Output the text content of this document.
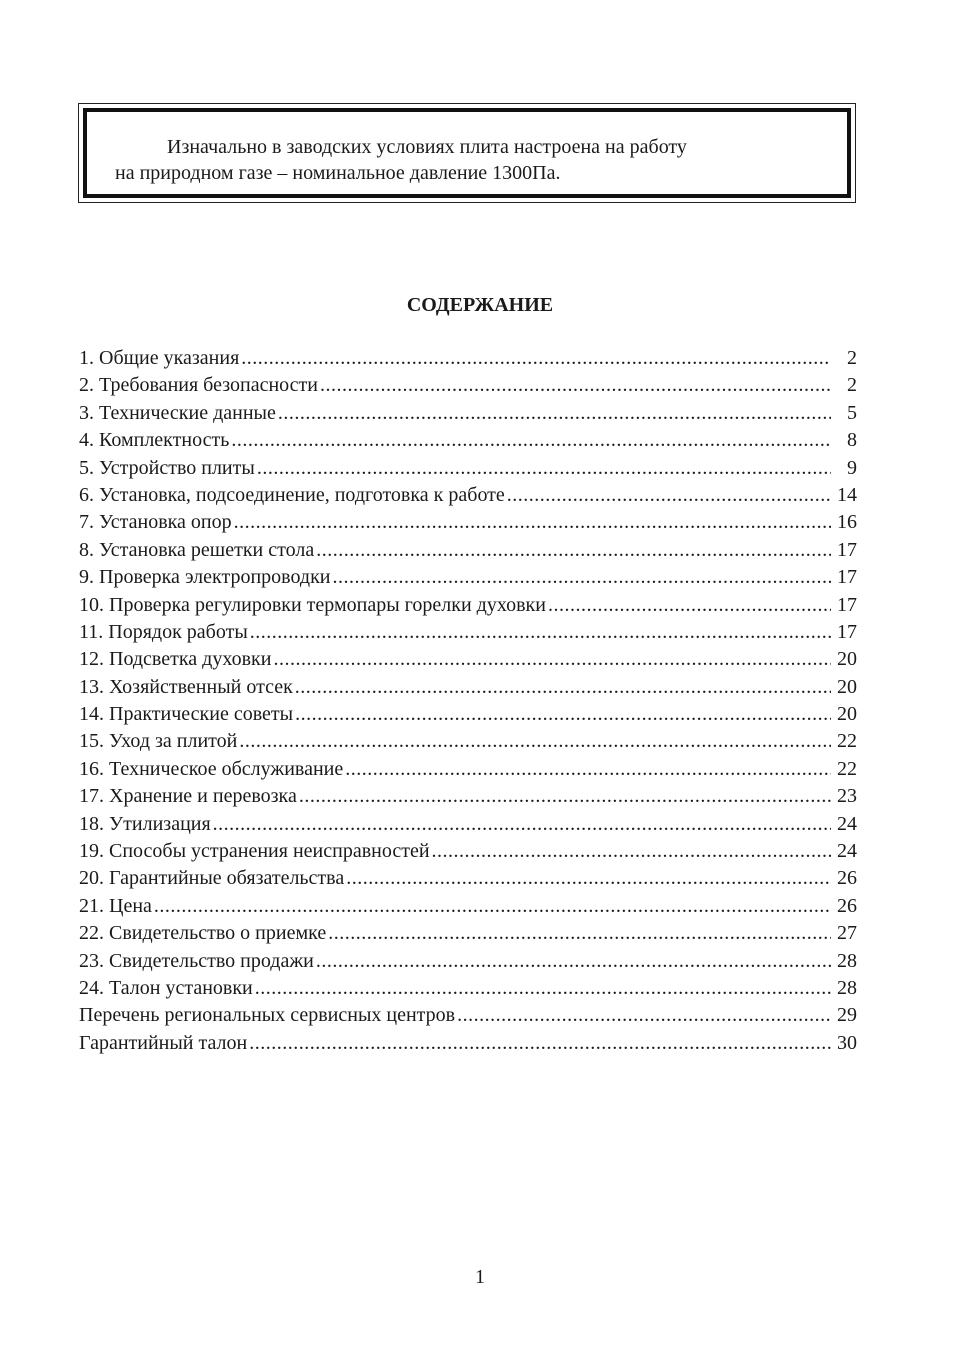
Изначально в заводских условиях плита настроена на работу
на природном газе – номинальное давление 1300Па.
СОДЕРЖАНИЕ
1. Общие указания .....	2
2. Требования безопасности .....	2
3. Технические данные .....	5
4. Комплектность .....	8
5. Устройство плиты .....	9
6. Установка, подсоединение, подготовка к работе .....	14
7. Установка опор .....	16
8. Установка решетки стола .....	17
9. Проверка электропроводки .....	17
10. Проверка регулировки термопары горелки духовки .....	17
11. Порядок работы .....	17
12. Подсветка духовки .....	20
13. Хозяйственный отсек .....	20
14. Практические советы .....	20
15. Уход за плитой .....	22
16. Техническое обслуживание .....	22
17. Хранение и перевозка .....	23
18. Утилизация .....	24
19. Способы устранения неисправностей .....	24
20. Гарантийные обязательства .....	26
21. Цена .....	26
22. Свидетельство о приемке .....	27
23. Свидетельство продажи .....	28
24. Талон установки .....	28
Перечень региональных сервисных центров .....	29
Гарантийный талон .....	30
1
